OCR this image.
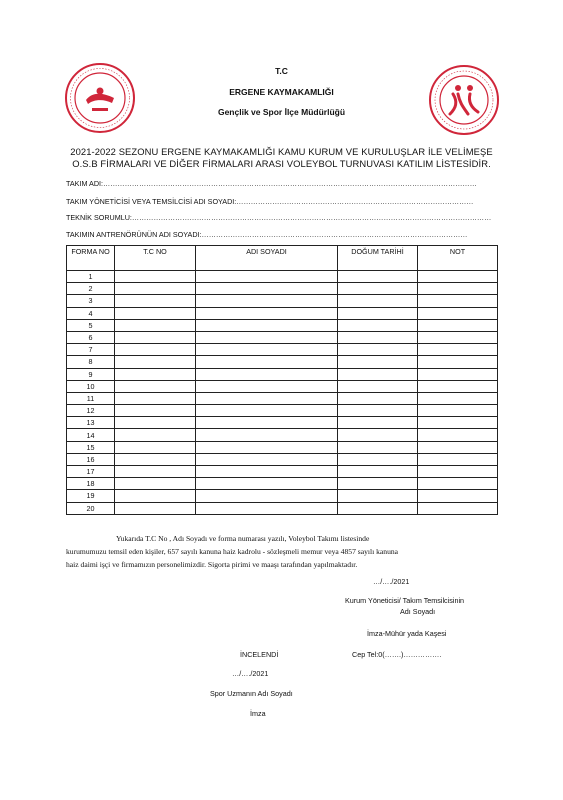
T.C
ERGENE KAYMAKAMLIĞI
Gençlik ve Spor İlçe Müdürlüğü
2021-2022 SEZONU ERGENE KAYMAKAMLIĞI KAMU KURUM VE KURULUŞLAR İLE VELİMEŞE
O.S.B FİRMALARI VE DİĞER FİRMALARI ARASI VOLEYBOL TURNUVASI KATILIM LİSTESİDİR.
TAKIM ADI:…………………………………………………………………………………………………………………………………………
TAKIM YÖNETİCİSİ VEYA TEMSİLCİSİ ADI SOYADI:………………………………………………………………………………………
TEKNİK SORUMLU:……………………………………………………………………………………………………………………………………
TAKIMIN ANTRENÖRÜNÜN ADI SOYADI:…………………………………………………………………………………………………
FORMA NO	T.C NO	ADI SOYADI	DOĞUM TARİHİ	NOT
1				
2				
3				
4				
5				
6				
7				
8				
9				
10				
11				
12				
13				
14				
15				
16				
17				
18				
19				
20				
Yukarıda T.C No , Adı Soyadı ve forma numarası yazılı, Voleybol Takımı listesinde
kurumumuzu temsil eden kişiler, 657 sayılı kanuna haiz kadrolu - sözleşmeli memur veya 4857 sayılı kanuna
haiz daimi işçi ve firmamızın personelimizdir. Sigorta pirimi ve maaşı tarafından yapılmaktadır.
…/…./2021
Kurum Yöneticisi/ Takım Temsilcisinin
Adı Soyadı
İmza-Mühür yada Kaşesi
Cep Tel:0(…….)…………….
İNCELENDİ
…/…./2021
Spor Uzmanın Adı Soyadı
İmza
